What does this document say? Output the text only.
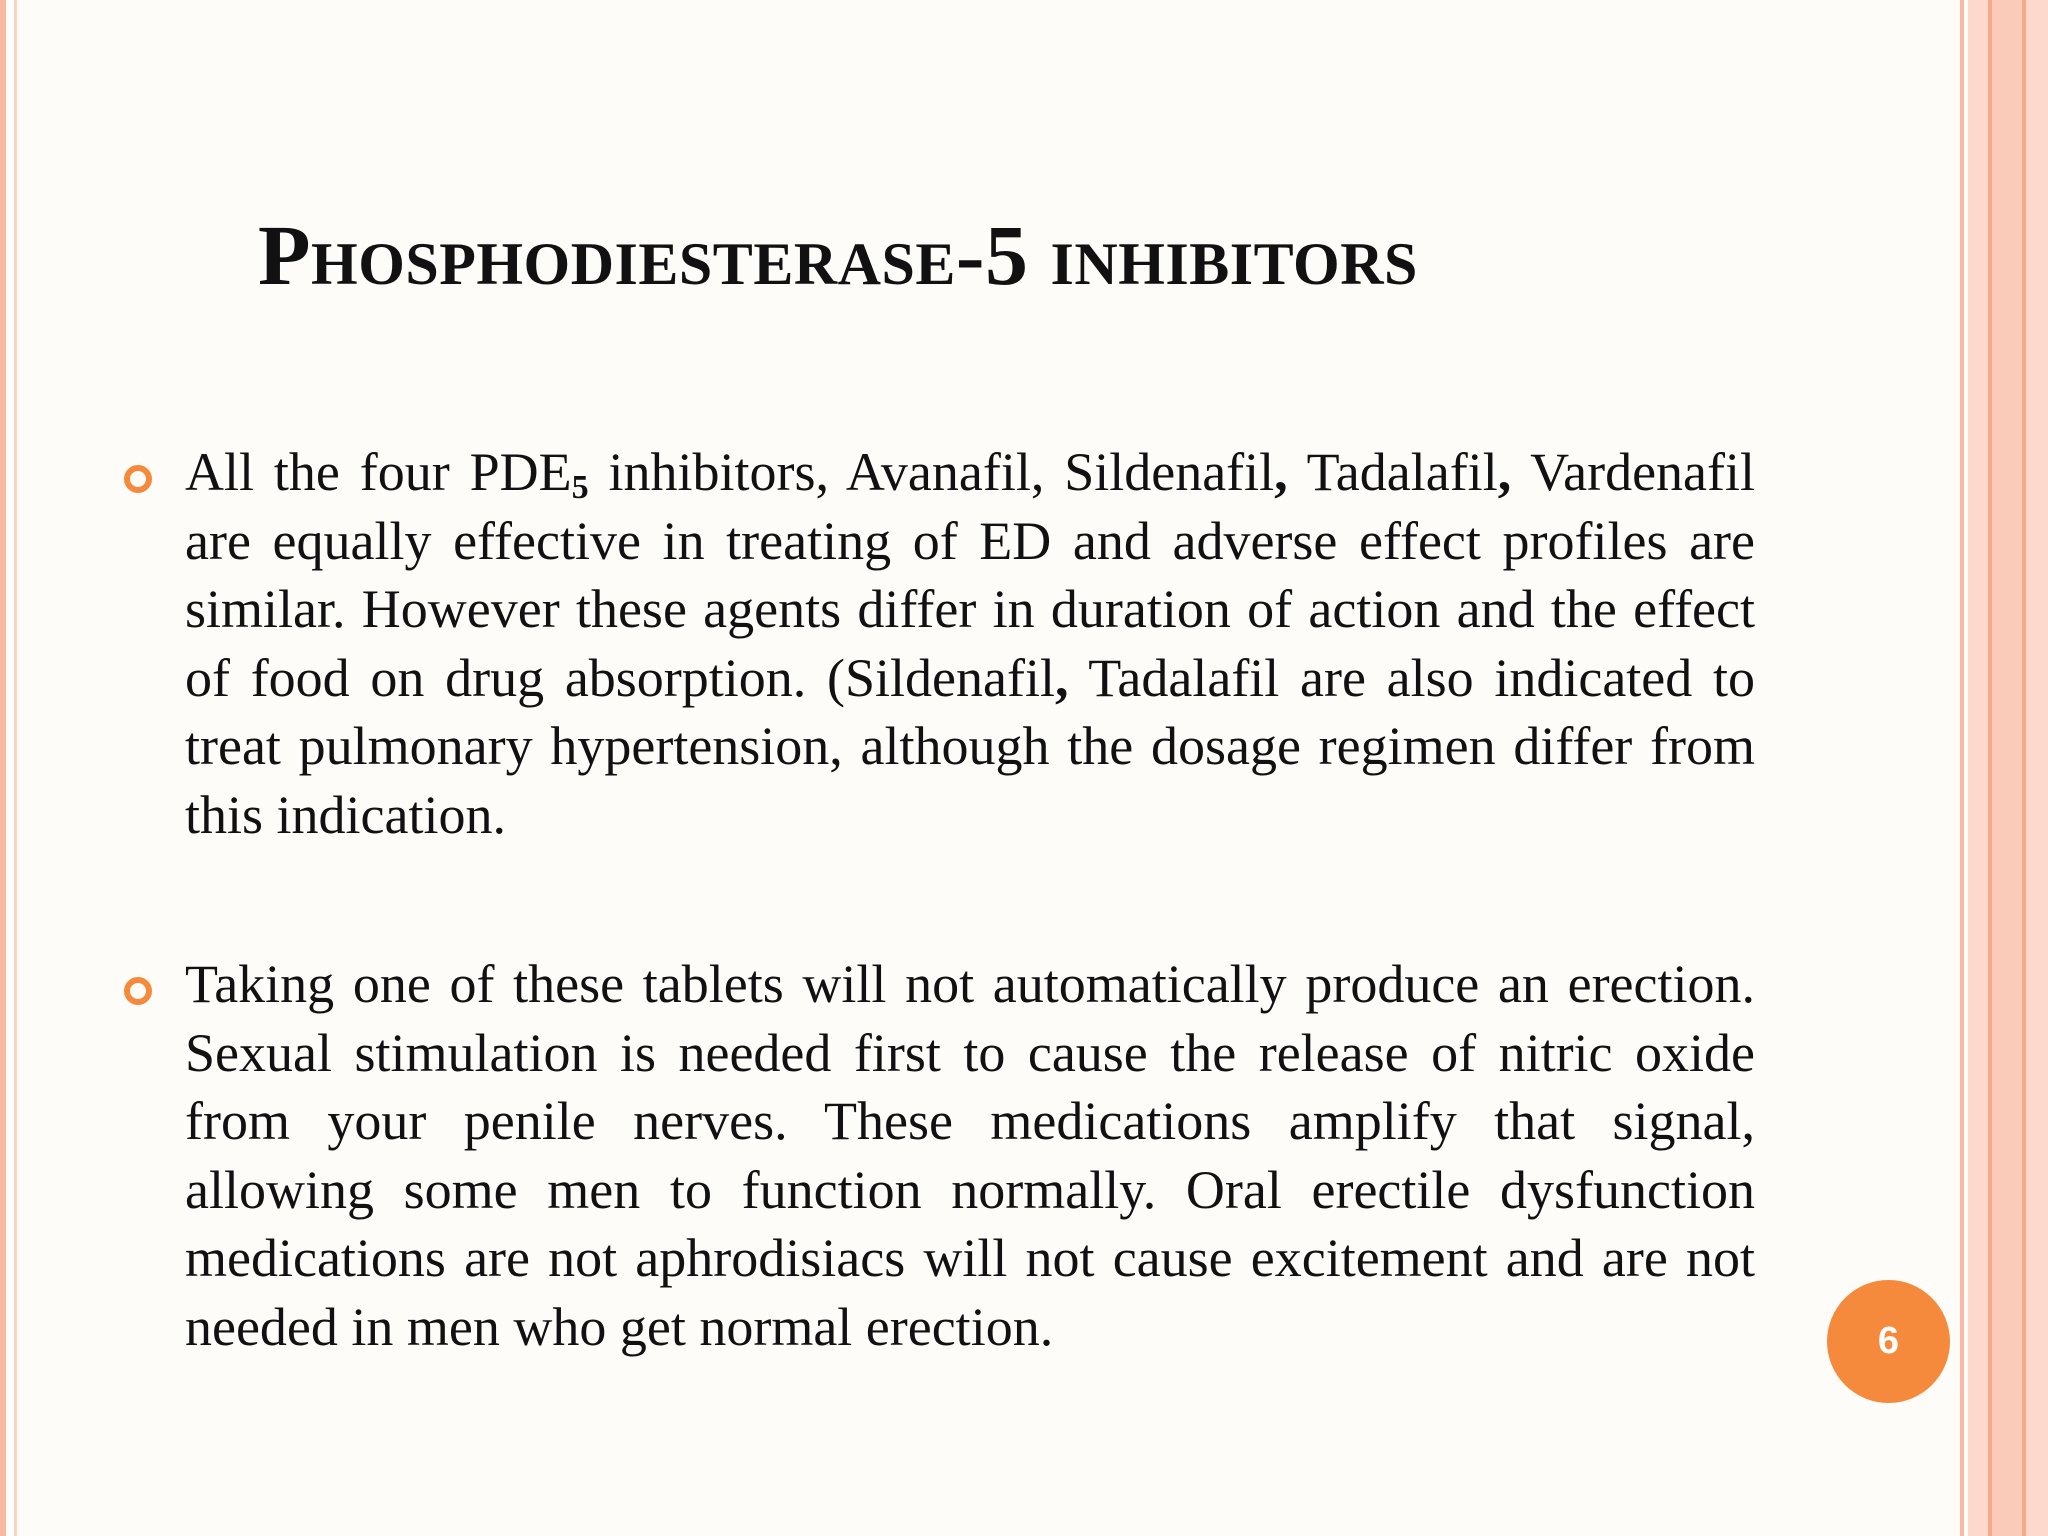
Phosphodiesterase-5 inhibitors

All the four $PDE_5$ inhibitors, Avanafil, Sildenafil, Tadalafil, Vardenafil are equally effective in treating of ED and adverse effect profiles are similar. However these agents differ in duration of action and the effect of food on drug absorption. (Sildenafil, Tadalafil are also indicated to treat pulmonary hypertension, although the dosage regimen differ from this indication.

Taking one of these tablets will not automatically produce an erection. Sexual stimulation is needed first to cause the release of nitric oxide from your penile nerves. These medications amplify that signal, allowing some men to function normally. Oral erectile dysfunction medications are not aphrodisiacs will not cause excitement and are not needed in men who get normal erection.	6
